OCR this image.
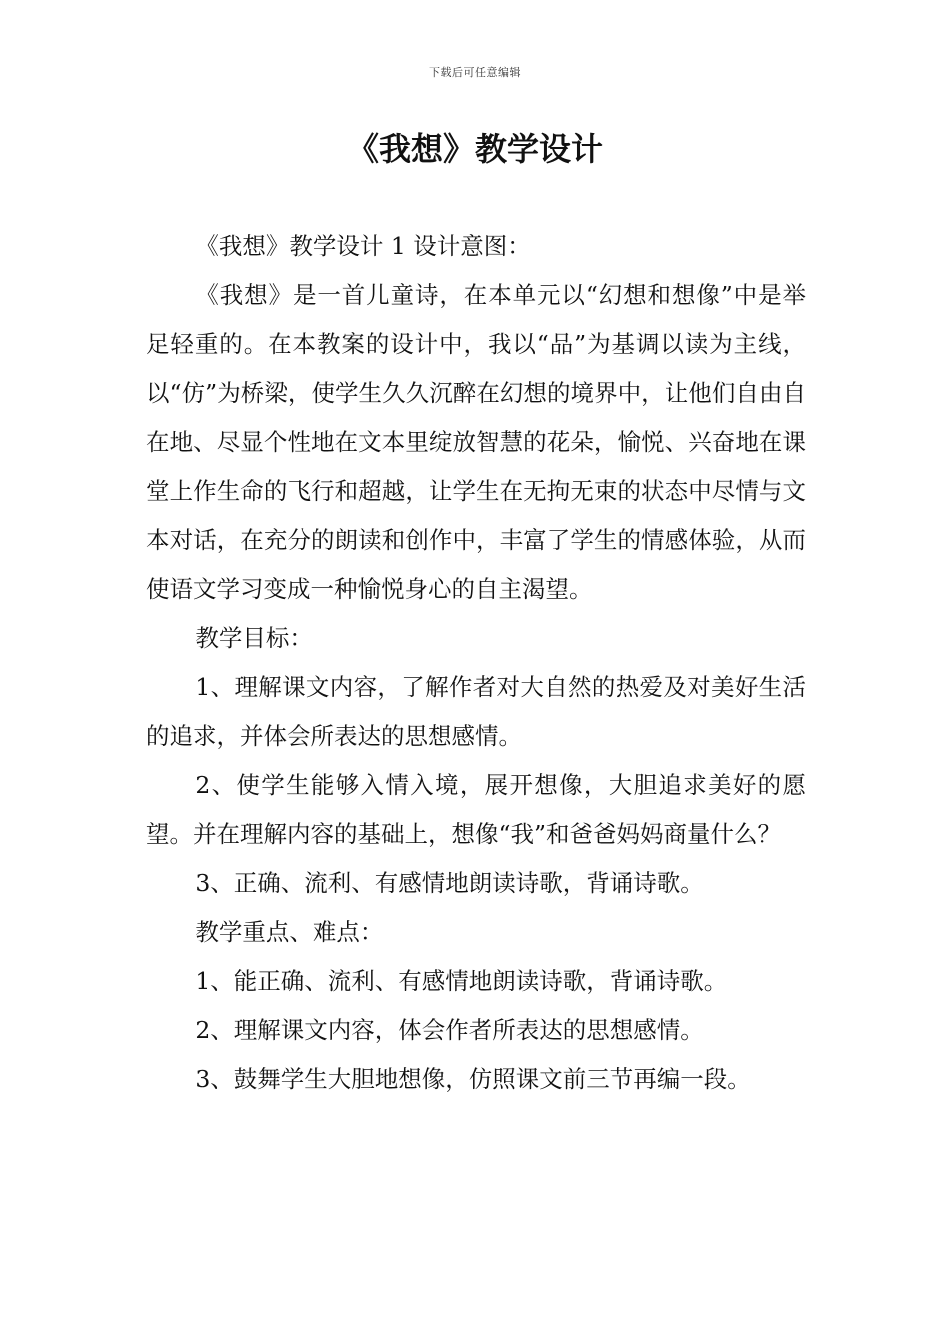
下载后可任意编辑
《我想》教学设计

《我想》教学设计 1 设计意图：

《我想》是一首儿童诗，在本单元以“幻想和想像”中是举足轻重的。在本教案的设计中，我以“品”为基调以读为主线，以“仿”为桥梁，使学生久久沉醉在幻想的境界中，让他们自由自在地、尽显个性地在文本里绽放智慧的花朵，愉悦、兴奋地在课堂上作生命的飞行和超越，让学生在无拘无束的状态中尽情与文本对话，在充分的朗读和创作中，丰富了学生的情感体验，从而使语文学习变成一种愉悦身心的自主渴望。

教学目标：

1、理解课文内容，了解作者对大自然的热爱及对美好生活的追求，并体会所表达的思想感情。

2、使学生能够入情入境，展开想像，大胆追求美好的愿望。并在理解内容的基础上，想像“我”和爸爸妈妈商量什么？

3、正确、流利、有感情地朗读诗歌，背诵诗歌。

教学重点、难点：

1、能正确、流利、有感情地朗读诗歌，背诵诗歌。

2、理解课文内容，体会作者所表达的思想感情。

3、鼓舞学生大胆地想像，仿照课文前三节再编一段。
